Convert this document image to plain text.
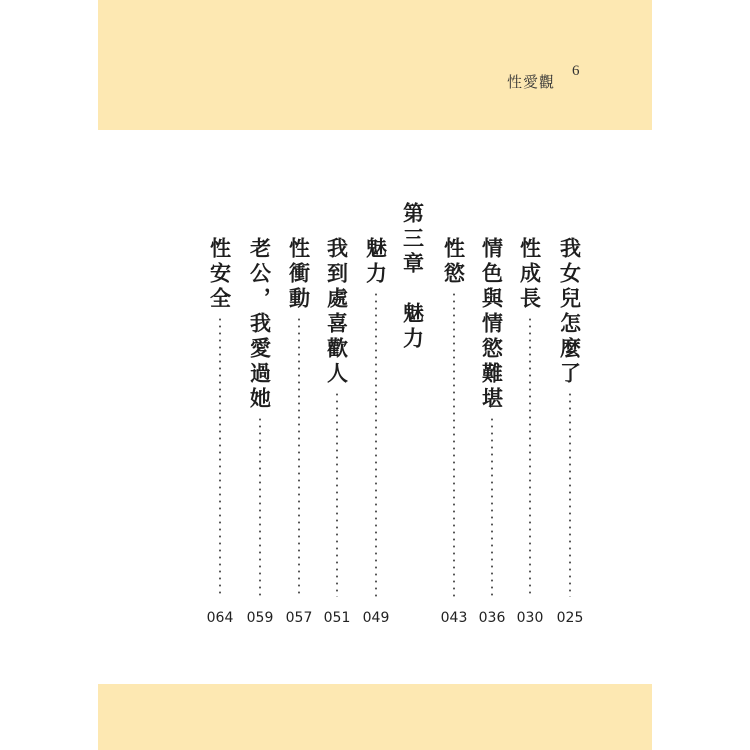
性愛觀
6
我女兒怎麼了
025
性成長
030
情色與情慾難堪
036
性慾
043
第三章　魅力
魅力
049
我到處喜歡人
051
性衝動
057
老公，我愛過她
059
性安全
064
